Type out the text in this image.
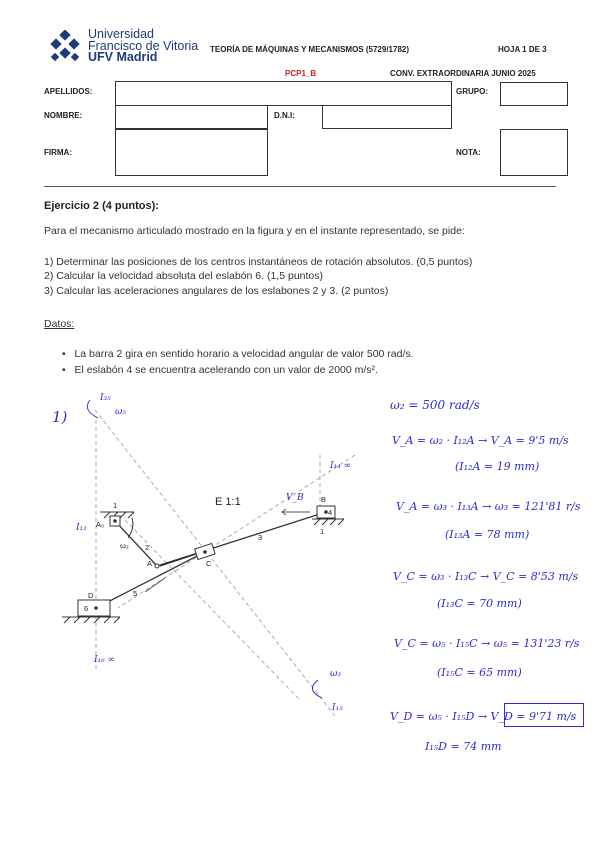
Universidad
Francisco de Vitoria
UFV Madrid
TEORÍA DE MÁQUINAS Y MECANISMOS (5729/1782)	HOJA 1 DE 3
PCP1_B	CONV. EXTRAORDINARIA JUNIO 2025
APELLIDOS:	GRUPO:
NOMBRE:	D.N.I:
FIRMA:	NOTA:
Ejercicio 2 (4 puntos):
Para el mecanismo articulado mostrado en la figura y en el instante representado, se pide:
1) Determinar las posiciones de los centros instantáneos de rotación absolutos. (0,5 puntos)
2) Calcular la velocidad absoluta del eslabón 6. (1,5 puntos)
3) Calcular las aceleraciones angulares de los eslabones 2 y 3. (2 puntos)
Datos:
•   La barra 2 gira en sentido horario a velocidad angular de valor 500 rad/s.
•   El eslabón 4 se encuentra acelerando con un valor de 2000 m/s².
1
A₀
2
ω₂
A	C
3
B
4
1
5
D
6
E 1:1
1)
I₃₅
ω₅
I₁₄ ∞
I₁₂
V_B
I₁₆ ∞
ω₃
I₁₅
ω₂ = 500 rad/s
V_A = ω₂ · I₁₂A → V_A = 9'5 m/s
(I₁₂A = 19 mm)
V_A = ω₃ · I₁₃A → ω₃ = 121'81 r/s
(I₁₃A = 78 mm)
V_C = ω₃ · I₁₃C → V_C = 8'53 m/s
(I₁₃C = 70 mm)
V_C = ω₅ · I₁₅C → ω₅ = 131'23 r/s
(I₁₅C = 65 mm)
V_D = ω₅ · I₁₅D → V_D = 9'71 m/s
I₁₅D = 74 mm
